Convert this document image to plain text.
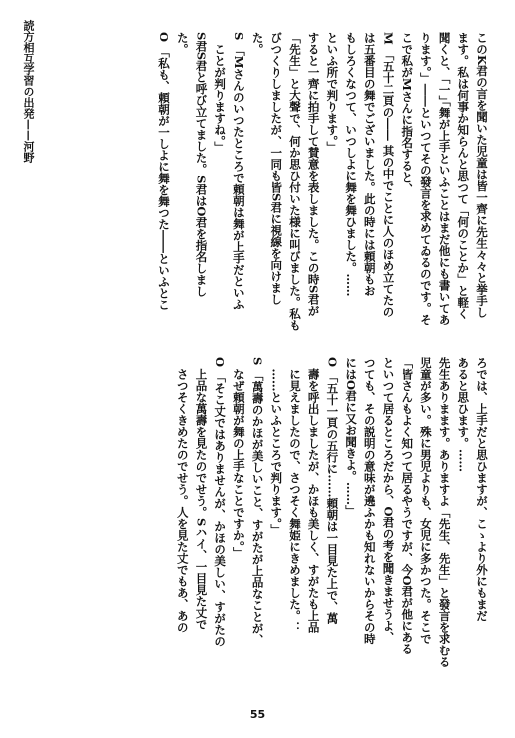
読方相互学習の出発——河野	このK君の言を聞いた児童は皆一齊に先生々々と挙手し
ます。私は何事か知らんと思つて「何のことか」と軽く
聞くと、「一｣｢舞が上手といふことはまだ他にも書いてあ
ります。」――といつてその發言を求めてゐるのです。そ
こで私がMさんに指名すると、
M 「五十二頁の―― 其の中でことに人のほめ立てたの
は五番目の舞でございました。此の時には頼朝もお
もしろくなつて、いつしよに舞を舞ひました。……
といふ所で判ります。」
すると一齊に拍手して賛意を表しました。この時S君が
「先生」と大聲で、何か思ひ付いた様に叫びました。私も
びつくりしましたが、一同も皆S君に視線を向けまし
た。
S 「Mさんのいつたところで頼朝は舞が上手だといふ
　ことが判りますね。」
S君S君と呼び立てました。S君はO君を指名しまし
た。
O 「私も、頼朝が一しよに舞を舞つた――といふとこ
ろでは、上手だと思ひますが、こゝより外にもまだ
あると思ひます。……
先生ありまます。ありますよ「先生、先生」と發言を求むる
児童が多い。殊に男児よりも、女児に多かつた。そこで
「皆さんもよく知つて居るやうですが、今O君が他にある
といつて居るところだから、O君の考を聞きませうよ、
つても、その説明の意味が遶ふかも知れないからその時
にはO君に又お聞きよ。……」
O 「五十一頁の五行に……頼朝は一目見た上で、萬
　壽を呼出しましたが、かほも美しく、すがたも上品
　に見えましたので、さつそく舞姫にきめました。：
　……といふところで判ります。」
S 「萬壽のかほが美しいこと、すがたが上品なことが、
　なぜ頼朝が舞の上手なことですか。」
O 「そこ丈ではありませんが、かほの美しい、すがたの
　上品な萬壽を見たのでせう。Sハイ、一目見た丈で
　さつそくきめたのでせう。人を見た丈でもあ、あの
55
